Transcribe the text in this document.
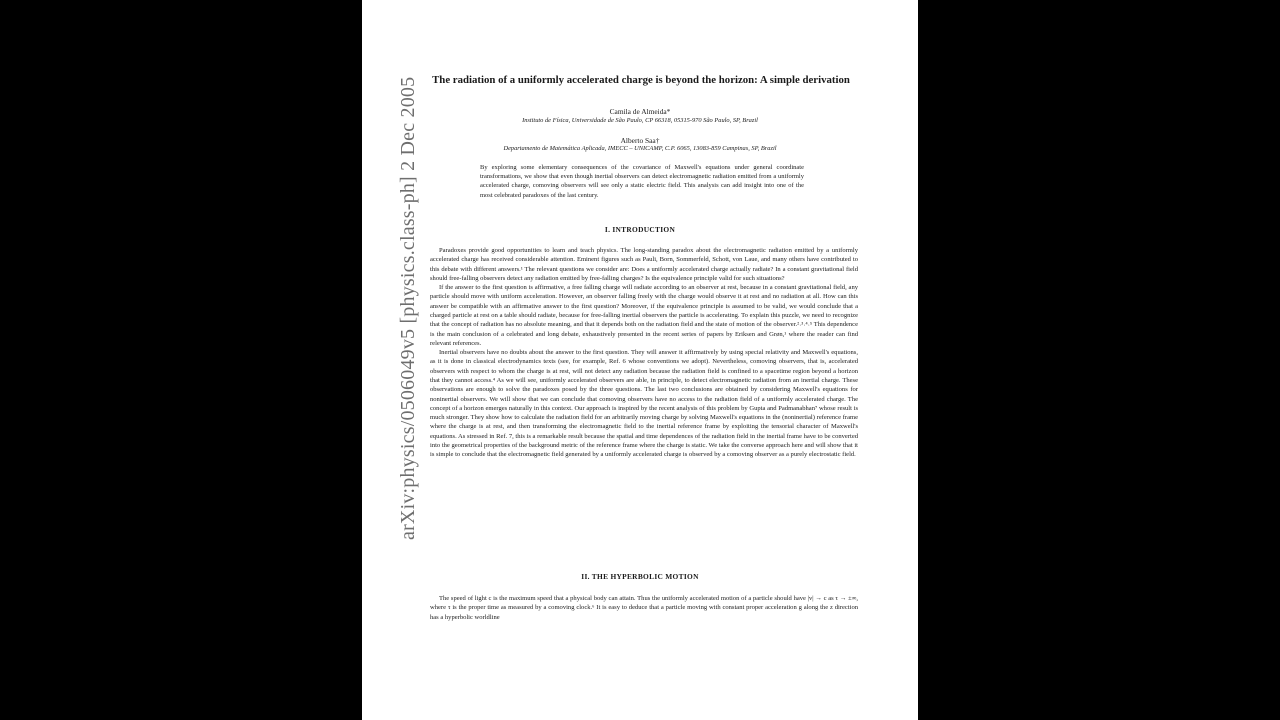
The radiation of a uniformly accelerated charge is beyond the horizon: A simple derivation
Camila de Almeida*
Instituto de Física, Universidade de São Paulo, CP 66318, 05315-970 São Paulo, SP, Brazil
Alberto Saa†
Departamento de Matemática Aplicada, IMECC – UNICAMP, C.P. 6065, 13083-859 Campinas, SP, Brazil
By exploring some elementary consequences of the covariance of Maxwell's equations under general coordinate transformations, we show that even though inertial observers can detect electromagnetic radiation emitted from a uniformly accelerated charge, comoving observers will see only a static electric field. This analysis can add insight into one of the most celebrated paradoxes of the last century.
I. INTRODUCTION

Paradoxes provide good opportunities to learn and teach physics. The long-standing paradox about the electromagnetic radiation emitted by a uniformly accelerated charge has received considerable attention. Eminent figures such as Pauli, Born, Sommerfeld, Schott, von Laue, and many others have contributed to this debate with different answers.¹ The relevant questions we consider are: Does a uniformly accelerated charge actually radiate? In a constant gravitational field should free-falling observers detect any radiation emitted by free-falling charges? Is the equivalence principle valid for such situations?

If the answer to the first question is affirmative, a free falling charge will radiate according to an observer at rest, because in a constant gravitational field, any particle should move with uniform acceleration. However, an observer falling freely with the charge would observe it at rest and no radiation at all. How can this answer be compatible with an affirmative answer to the first question? Moreover, if the equivalence principle is assumed to be valid, we would conclude that a charged particle at rest on a table should radiate, because for free-falling inertial observers the particle is accelerating. To explain this puzzle, we need to recognize that the concept of radiation has no absolute meaning, and that it depends both on the radiation field and the state of motion of the observer.²˒³˒⁴˒⁵ This dependence is the main conclusion of a celebrated and long debate, exhaustively presented in the recent series of papers by Eriksen and Grøn,¹ where the reader can find relevant references.

Inertial observers have no doubts about the answer to the first question. They will answer it affirmatively by using special relativity and Maxwell's equations, as it is done in classical electrodynamics texts (see, for example, Ref. 6 whose conventions we adopt). Nevertheless, comoving observers, that is, accelerated observers with respect to whom the charge is at rest, will not detect any radiation because the radiation field is confined to a spacetime region beyond a horizon that they cannot access.⁴ As we will see, uniformly accelerated observers are able, in principle, to detect electromagnetic radiation from an inertial charge. These observations are enough to solve the paradoxes posed by the three questions. The last two conclusions are obtained by considering Maxwell's equations for noninertial observers. We will show that we can conclude that comoving observers have no access to the radiation field of a uniformly accelerated charge. The concept of a horizon emerges naturally in this context. Our approach is inspired by the recent analysis of this problem by Gupta and Padmanabhan⁷ whose result is much stronger. They show how to calculate the radiation field for an arbitrarily moving charge by solving Maxwell's equations in the (noninertial) reference frame where the charge is at rest, and then transforming the electromagnetic field to the inertial reference frame by exploiting the tensorial character of Maxwell's equations. As stressed in Ref. 7, this is a remarkable result because the spatial and time dependences of the radiation field in the inertial frame have to be converted into the geometrical properties of the background metric of the reference frame where the charge is static. We take the converse approach here and will show that it is simple to conclude that the electromagnetic field generated by a uniformly accelerated charge is observed by a comoving observer as a purely electrostatic field.

II. THE HYPERBOLIC MOTION

The speed of light c is the maximum speed that a physical body can attain. Thus the uniformly accelerated motion of a particle should have |v| → c as τ → ±∞, where τ is the proper time as measured by a comoving clock.⁶ It is easy to deduce that a particle moving with constant proper acceleration g along the z direction has a hyperbolic worldline

arXiv:physics/0506049v5 [physics.class-ph] 2 Dec 2005
